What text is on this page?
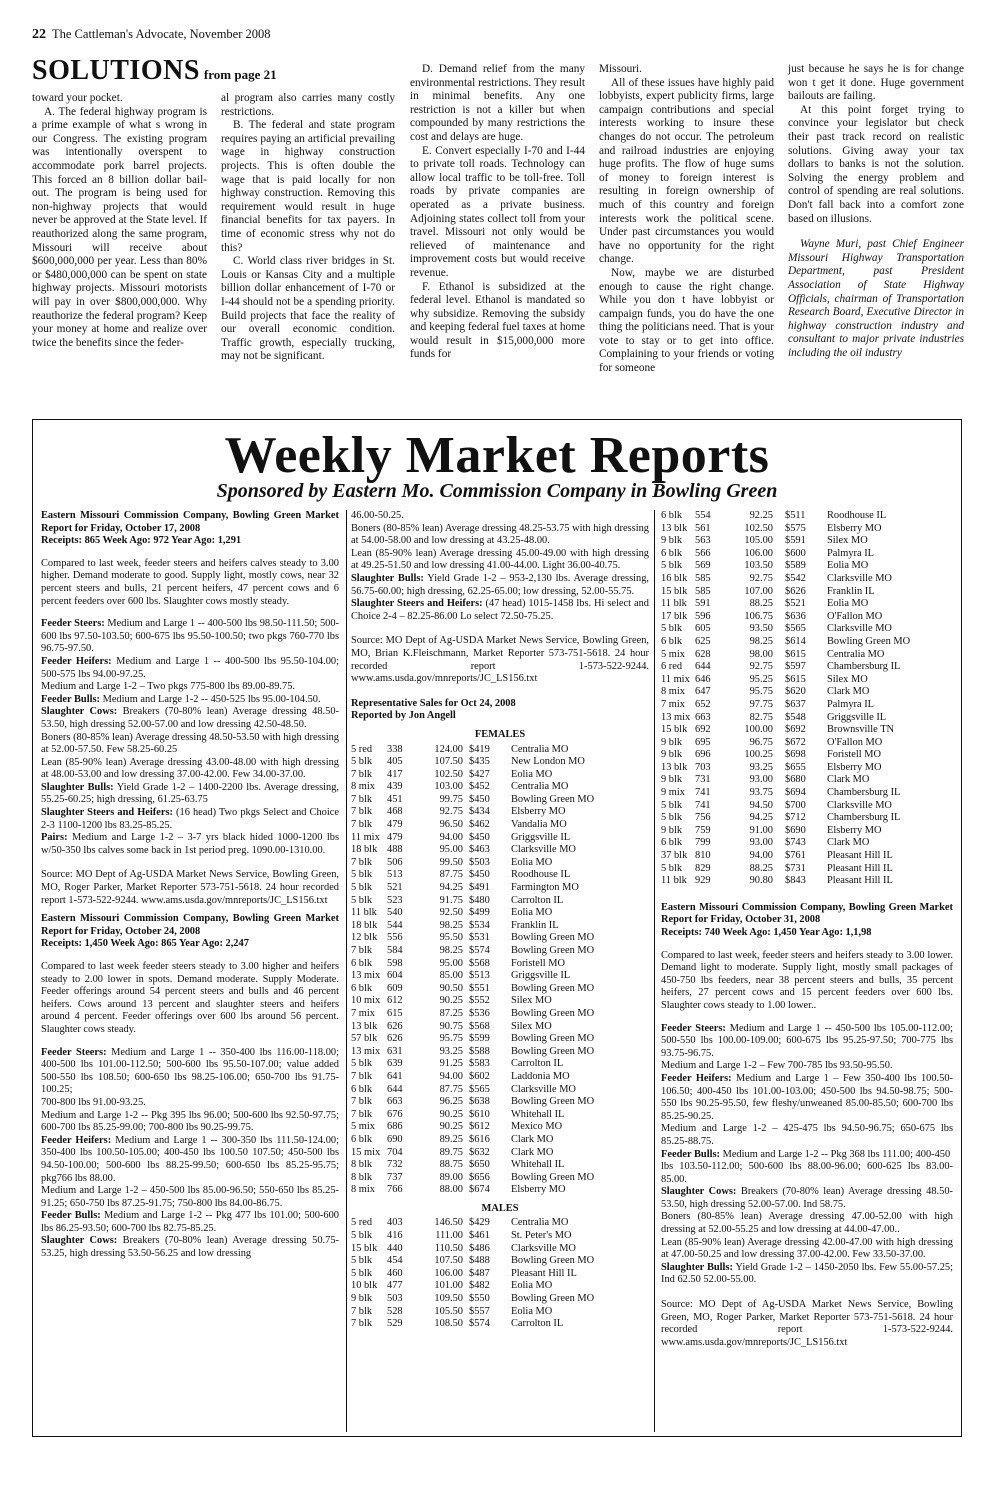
22 The Cattleman's Advocate, November 2008
SOLUTIONS from page 21

toward your pocket.

A. The federal highway program is a prime example of what s wrong in our Congress. The existing program was intentionally overspent to accommodate pork barrel projects. This forced an 8 billion dollar bail-out. The program is being used for non-highway projects that would never be approved at the State level. If reauthorized along the same program, Missouri will receive about $600,000,000 per year. Less than 80% or $480,000,000 can be spent on state highway projects. Missouri motorists will pay in over $800,000,000. Why reauthorize the federal program? Keep your money at home and realize over twice the benefits since the feder-

al program also carries many costly restrictions.

B. The federal and state program requires paying an artificial prevailing wage in highway construction projects. This is often double the wage that is paid locally for non highway construction. Removing this requirement would result in huge financial benefits for tax payers. In time of economic stress why not do this?

C. World class river bridges in St. Louis or Kansas City and a multiple billion dollar enhancement of I-70 or I-44 should not be a spending priority. Build projects that face the reality of our overall economic condition. Traffic growth, especially trucking, may not be significant.

D. Demand relief from the many environmental restrictions. They result in minimal benefits. Any one restriction is not a killer but when compounded by many restrictions the cost and delays are huge.

E. Convert especially I-70 and I-44 to private toll roads. Technology can allow local traffic to be toll-free. Toll roads by private companies are operated as a private business. Adjoining states collect toll from your travel. Missouri not only would be relieved of maintenance and improvement costs but would receive revenue.

F. Ethanol is subsidized at the federal level. Ethanol is mandated so why subsidize. Removing the subsidy and keeping federal fuel taxes at home would result in $15,000,000 more funds for

Missouri.

All of these issues have highly paid lobbyists, expert publicity firms, large campaign contributions and special interests working to insure these changes do not occur. The petroleum and railroad industries are enjoying huge profits. The flow of huge sums of money to foreign interest is resulting in foreign ownership of much of this country and foreign interests work the political scene. Under past circumstances you would have no opportunity for the right change.

Now, maybe we are disturbed enough to cause the right change. While you don t have lobbyist or campaign funds, you do have the one thing the politicians need. That is your vote to stay or to get into office. Complaining to your friends or voting for someone

just because he says he is for change won t get it done. Huge government bailouts are failing.

At this point forget trying to convince your legislator but check their past track record on realistic solutions. Giving away your tax dollars to banks is not the solution. Solving the energy problem and control of spending are real solutions. Don't fall back into a comfort zone based on illusions.

Wayne Muri, past Chief Engineer Missouri Highway Transportation Department, past President Association of State Highway Officials, chairman of Transportation Research Board, Executive Director in highway construction industry and consultant to major private industries including the oil industry

Weekly Market Reports
Sponsored by Eastern Mo. Commission Company in Bowling Green

Eastern Missouri Commission Company, Bowling Green Market Report for Friday, October 17, 2008

Receipts: 865 Week Ago: 972 Year Ago: 1,291

Compared to last week, feeder steers and heifers calves steady to 3.00 higher. Demand moderate to good. Supply light, mostly cows, near 32 percent steers and bulls, 21 percent heifers, 47 percent cows and 6 percent feeders over 600 lbs. Slaughter cows mostly steady.

Feeder Steers: Medium and Large 1 -- 400-500 lbs 98.50-111.50; 500-600 lbs 97.50-103.50; 600-675 lbs 95.50-100.50; two pkgs 760-770 lbs 96.75-97.50.

Feeder Heifers: Medium and Large 1 -- 400-500 lbs 95.50-104.00; 500-575 lbs 94.00-97.25.

Medium and Large 1-2 – Two pkgs 775-800 lbs 89.00-89.75.

Feeder Bulls: Medium and Large 1-2 -- 450-525 lbs 95.00-104.50.

Slaughter Cows: Breakers (70-80% lean) Average dressing 48.50-53.50, high dressing 52.00-57.00 and low dressing 42.50-48.50.

Boners (80-85% lean) Average dressing 48.50-53.50 with high dressing at 52.00-57.50. Few 58.25-60.25

Lean (85-90% lean) Average dressing 43.00-48.00 with high dressing at 48.00-53.00 and low dressing 37.00-42.00. Few 34.00-37.00.

Slaughter Bulls: Yield Grade 1-2 – 1400-2200 lbs. Average dressing, 55.25-60.25; high dressing, 61.25-63.75

Slaughter Steers and Heifers: (16 head) Two pkgs Select and Choice 2-3 1100-1200 lbs 83.25-85.25.

Pairs: Medium and Large 1-2 – 3-7 yrs black hided 1000-1200 lbs w/50-350 lbs calves some back in 1st period preg. 1090.00-1310.00.

Source: MO Dept of Ag-USDA Market News Service, Bowling Green, MO, Roger Parker, Market Reporter 573-751-5618. 24 hour recorded report 1-573-522-9244. www.ams.usda.gov/mnreports/JC_LS156.txt

Eastern Missouri Commission Company, Bowling Green Market Report for Friday, October 24, 2008

Receipts: 1,450 Week Ago: 865 Year Ago: 2,247

Compared to last week feeder steers steady to 3.00 higher and heifers steady to 2.00 lower in spots. Demand moderate. Supply Moderate. Feeder offerings around 54 percent steers and bulls and 46 percent heifers. Cows around 13 percent and slaughter steers and heifers around 4 percent. Feeder offerings over 600 lbs around 56 percent. Slaughter cows steady.

Feeder Steers: Medium and Large 1 -- 350-400 lbs 116.00-118.00; 400-500 lbs 101.00-112.50; 500-600 lbs 95.50-107.00; value added 500-550 lbs 108.50; 600-650 lbs 98.25-106.00; 650-700 lbs 91.75-100.25;

700-800 lbs 91.00-93.25.

Medium and Large 1-2 -- Pkg 395 lbs 96.00; 500-600 lbs 92.50-97.75; 600-700 lbs 85.25-99.00; 700-800 lbs 90.25-99.75.

Feeder Heifers: Medium and Large 1 -- 300-350 lbs 111.50-124.00; 350-400 lbs 100.50-105.00; 400-450 lbs 100.50 107.50; 450-500 lbs 94.50-100.00; 500-600 lbs 88.25-99.50; 600-650 lbs 85.25-95.75; pkg766 lbs 88.00.

Medium and Large 1-2 – 450-500 lbs 85.00-96.50; 550-650 lbs 85.25-91.25; 650-750 lbs 87.25-91.75; 750-800 lbs 84.00-86.75.

Feeder Bulls: Medium and Large 1-2 -- Pkg 477 lbs 101.00; 500-600 lbs 86.25-93.50; 600-700 lbs 82.75-85.25.

Slaughter Cows: Breakers (70-80% lean) Average dressing 50.75-53.25, high dressing 53.50-56.25 and low dressing

46.00-50.25.

Boners (80-85% lean) Average dressing 48.25-53.75 with high dressing at 54.00-58.00 and low dressing at 43.25-48.00.

Lean (85-90% lean) Average dressing 45.00-49.00 with high dressing at 49.25-51.50 and low dressing 41.00-44.00. Light 36.00-40.75.

Slaughter Bulls: Yield Grade 1-2 – 953-2,130 lbs. Average dressing, 56.75-60.00; high dressing, 62.25-65.00; low dressing, 52.00-55.75.

Slaughter Steers and Heifers: (47 head) 1015-1458 lbs. Hi select and Choice 2-4 – 82.25-86.00 Lo select 72.50-75.25.

Source: MO Dept of Ag-USDA Market News Service, Bowling Green, MO, Brian K.Fleischmann, Market Reporter 573-751-5618. 24 hour recorded report 1-573-522-9244. www.ams.usda.gov/mnreports/JC_LS156.txt

Representative Sales for Oct 24, 2008

Reported by Jon Angell

FEMALES
5 red	338	124.00	$419	Centralia MO
5 blk	405	107.50	$435	New London MO
7 blk	417	102.50	$427	Eolia MO
8 mix	439	103.00	$452	Centralia MO
7 blk	451	99.75	$450	Bowling Green MO
7 blk	468	92.75	$434	Elsberry MO
7 blk	479	96.50	$462	Vandalia MO
11 mix	479	94.00	$450	Griggsville IL
18 blk	488	95.00	$463	Clarksville MO
7 blk	506	99.50	$503	Eolia MO
5 blk	513	87.75	$450	Roodhouse IL
5 blk	521	94.25	$491	Farmington MO
5 blk	523	91.75	$480	Carrolton IL
11 blk	540	92.50	$499	Eolia MO
18 blk	544	98.25	$534	Franklin IL
12 blk	556	95.50	$531	Bowling Green MO
7 blk	584	98.25	$574	Bowling Green MO
6 blk	598	95.00	$568	Foristell MO
13 mix	604	85.00	$513	Griggsville IL
6 blk	609	90.50	$551	Bowling Green MO
10 mix	612	90.25	$552	Silex MO
7 mix	615	87.25	$536	Bowling Green MO
13 blk	626	90.75	$568	Silex MO
57 blk	626	95.75	$599	Bowling Green MO
13 mix	631	93.25	$588	Bowling Green MO
5 blk	639	91.25	$583	Carrolton IL
7 blk	641	94.00	$602	Laddonia MO
6 blk	644	87.75	$565	Clarksville MO
7 blk	663	96.25	$638	Bowling Green MO
7 blk	676	90.25	$610	Whitehall IL
5 mix	686	90.25	$612	Mexico MO
6 blk	690	89.25	$616	Clark MO
15 mix	704	89.75	$632	Clark MO
8 blk	732	88.75	$650	Whitehall IL
8 blk	737	89.00	$656	Bowling Green MO
8 mix	766	88.00	$674	Elsberry MO
MALES
5 red	403	146.50	$429	Centralia MO
5 blk	416	111.00	$461	St. Peter's MO
15 blk	440	110.50	$486	Clarksville MO
5 blk	454	107.50	$488	Bowling Green MO
5 blk	460	106.00	$487	Pleasant Hill IL
10 blk	477	101.00	$482	Eolia MO
9 blk	503	109.50	$550	Bowling Green MO
7 blk	528	105.50	$557	Eolia MO
7 blk	529	108.50	$574	Carrolton IL
6 blk	554	92.25	$511	Roodhouse IL
13 blk	561	102.50	$575	Elsberry MO
9 blk	563	105.00	$591	Silex MO
6 blk	566	106.00	$600	Palmyra IL
5 blk	569	103.50	$589	Eolia MO
16 blk	585	92.75	$542	Clarksville MO
15 blk	585	107.00	$626	Franklin IL
11 blk	591	88.25	$521	Eolia MO
17 blk	596	106.75	$636	O'Fallon MO
5 blk	605	93.50	$565	Clarksville MO
6 blk	625	98.25	$614	Bowling Green MO
5 mix	628	98.00	$615	Centralia MO
6 red	644	92.75	$597	Chambersburg IL
11 mix	646	95.25	$615	Silex MO
8 mix	647	95.75	$620	Clark MO
7 mix	652	97.75	$637	Palmyra IL
13 mix	663	82.75	$548	Griggsville IL
15 blk	692	100.00	$692	Brownsville TN
9 blk	695	96.75	$672	O'Fallon MO
9 blk	696	100.25	$698	Foristell MO
13 blk	703	93.25	$655	Elsberry MO
9 blk	731	93.00	$680	Clark MO
9 mix	741	93.75	$694	Chambersburg IL
5 blk	741	94.50	$700	Clarksville MO
5 blk	756	94.25	$712	Chambersburg IL
9 blk	759	91.00	$690	Elsberry MO
6 blk	799	93.00	$743	Clark MO
37 blk	810	94.00	$761	Pleasant Hill IL
5 blk	829	88.25	$731	Pleasant Hill IL
11 blk	929	90.80	$843	Pleasant Hill IL

Eastern Missouri Commission Company, Bowling Green Market Report for Friday, October 31, 2008

Receipts: 740 Week Ago: 1,450 Year Ago: 1,1,98

Compared to last week, feeder steers and heifers steady to 3.00 lower. Demand light to moderate. Supply light, mostly small packages of 450-750 lbs feeders, near 38 percent steers and bulls, 35 percent heifers, 27 percent cows and 15 percent feeders over 600 lbs. Slaughter cows steady to 1.00 lower..

Feeder Steers: Medium and Large 1 -- 450-500 lbs 105.00-112.00; 500-550 lbs 100.00-109.00; 600-675 lbs 95.25-97.50; 700-775 lbs 93.75-96.75.

Medium and Large 1-2 – Few 700-785 lbs 93.50-95.50.

Feeder Heifers: Medium and Large 1 – Few 350-400 lbs 100.50-106.50; 400-450 lbs 101.00-103.00; 450-500 lbs 94.50-98.75; 500-550 lbs 90.25-95.50, few fleshy/unweaned 85.00-85.50; 600-700 lbs 85.25-90.25.

Medium and Large 1-2 – 425-475 lbs 94.50-96.75; 650-675 lbs 85.25-88.75.

Feeder Bulls: Medium and Large 1-2 -- Pkg 368 lbs 111.00; 400-450

lbs 103.50-112.00; 500-600 lbs 88.00-96.00; 600-625 lbs 83.00-85.00.

Slaughter Cows: Breakers (70-80% lean) Average dressing 48.50-53.50, high dressing 52.00-57.00. Ind 58.75.

Boners (80-85% lean) Average dressing 47.00-52.00 with high dressing at 52.00-55.25 and low dressing at 44.00-47.00..

Lean (85-90% lean) Average dressing 42.00-47.00 with high dressing at 47.00-50.25 and low dressing 37.00-42.00. Few 33.50-37.00.

Slaughter Bulls: Yield Grade 1-2 – 1450-2050 lbs. Few 55.00-57.25; Ind 62.50 52.00-55.00.

Source: MO Dept of Ag-USDA Market News Service, Bowling Green, MO, Roger Parker, Market Reporter 573-751-5618. 24 hour recorded report 1-573-522-9244. www.ams.usda.gov/mnreports/JC_LS156.txt
